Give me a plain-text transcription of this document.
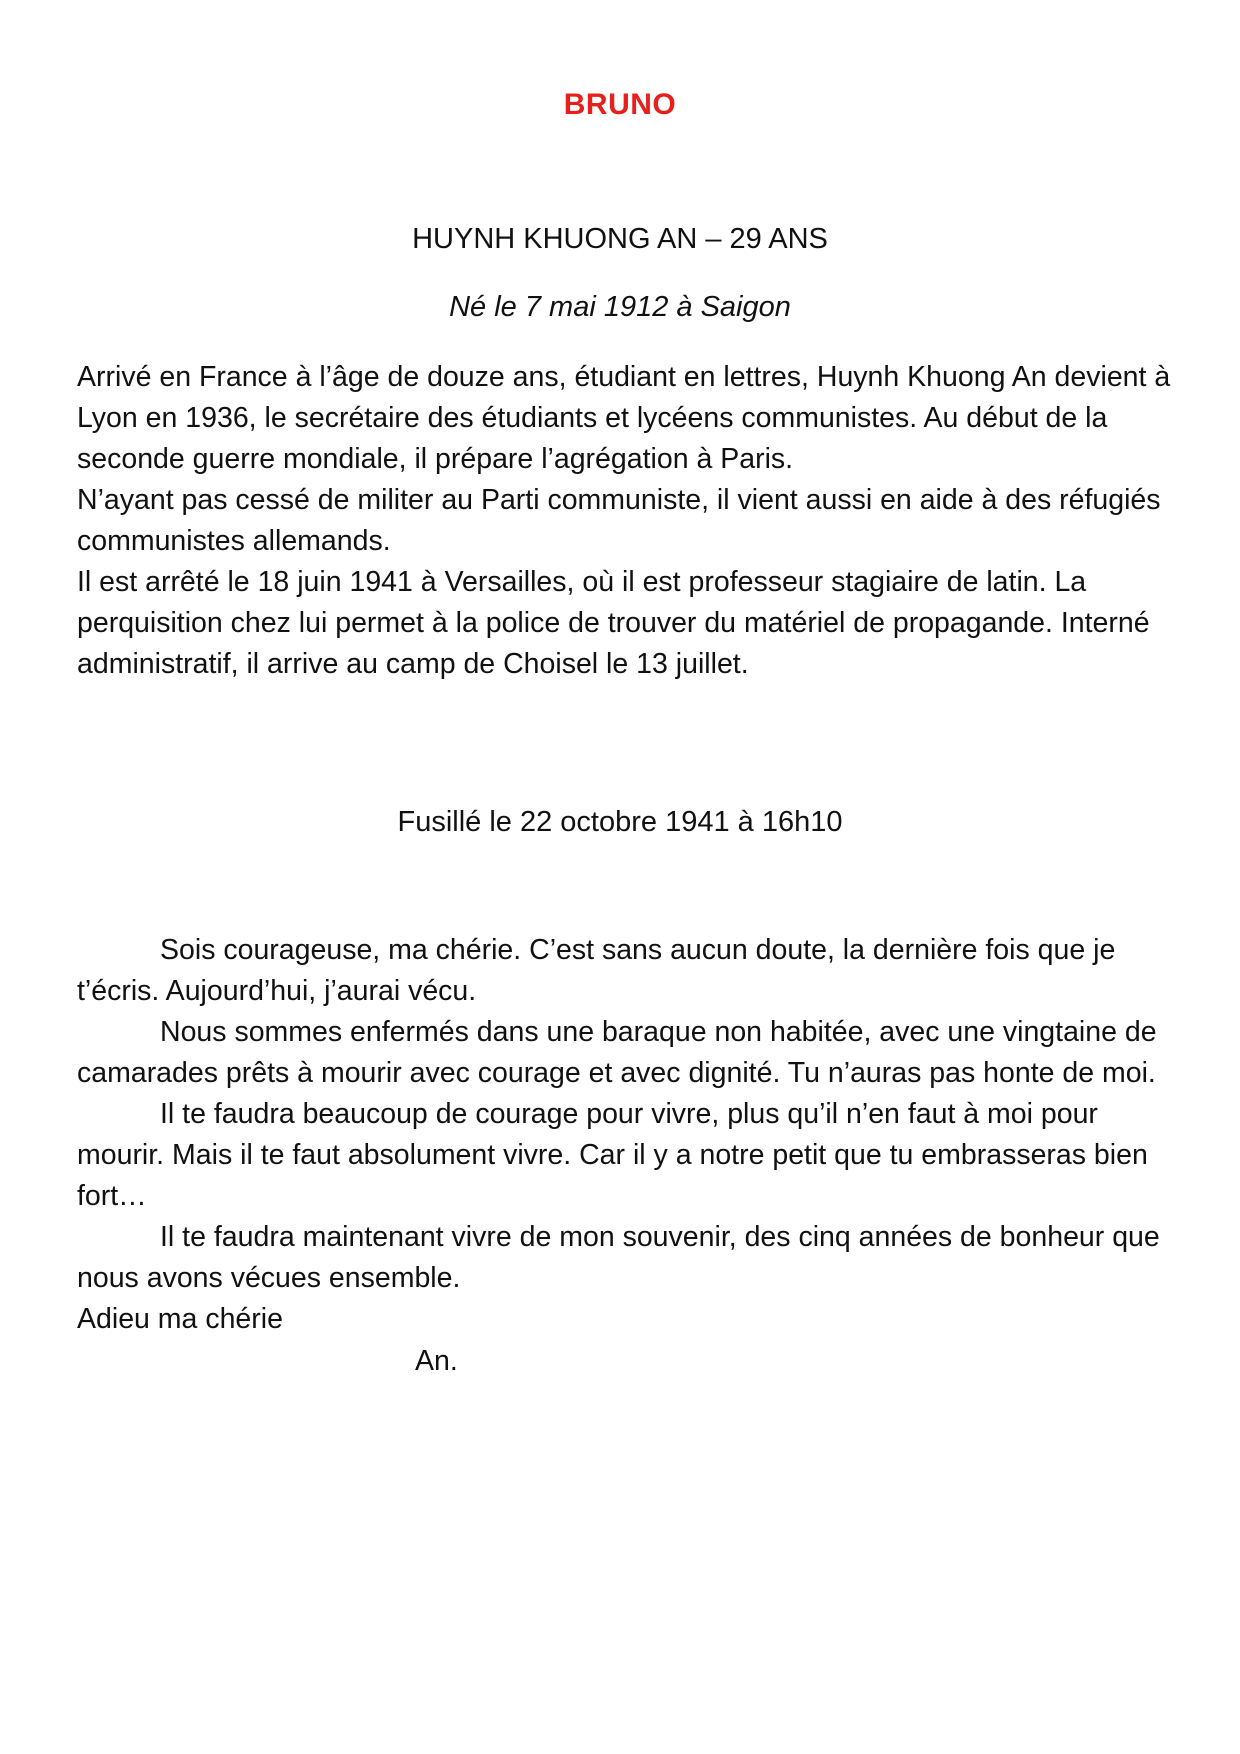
BRUNO
HUYNH KHUONG AN – 29 ANS
Né le 7 mai 1912 à Saigon

Arrivé en France à l’âge de douze ans, étudiant en lettres, Huynh Khuong An devient à Lyon en 1936, le secrétaire des étudiants et lycéens communistes. Au début de la seconde guerre mondiale, il prépare l’agrégation à Paris.

N’ayant pas cessé de militer au Parti communiste, il vient aussi en aide à des réfugiés communistes allemands.

Il est arrêté le 18 juin 1941 à Versailles, où il est professeur stagiaire de latin. La perquisition chez lui permet à la police de trouver du matériel de propagande. Interné administratif, il arrive au camp de Choisel le 13 juillet.

Fusillé le 22 octobre 1941 à 16h10

Sois courageuse, ma chérie. C’est sans aucun doute, la dernière fois que je t’écris. Aujourd’hui, j’aurai vécu.

Nous sommes enfermés dans une baraque non habitée, avec une vingtaine de camarades prêts à mourir avec courage et avec dignité. Tu n’auras pas honte de moi.

Il te faudra beaucoup de courage pour vivre, plus qu’il n’en faut à moi pour mourir. Mais il te faut absolument vivre. Car il y a notre petit que tu embrasseras bien fort…

Il te faudra maintenant vivre de mon souvenir, des cinq années de bonheur que nous avons vécues ensemble.

Adieu ma chérie

An.
